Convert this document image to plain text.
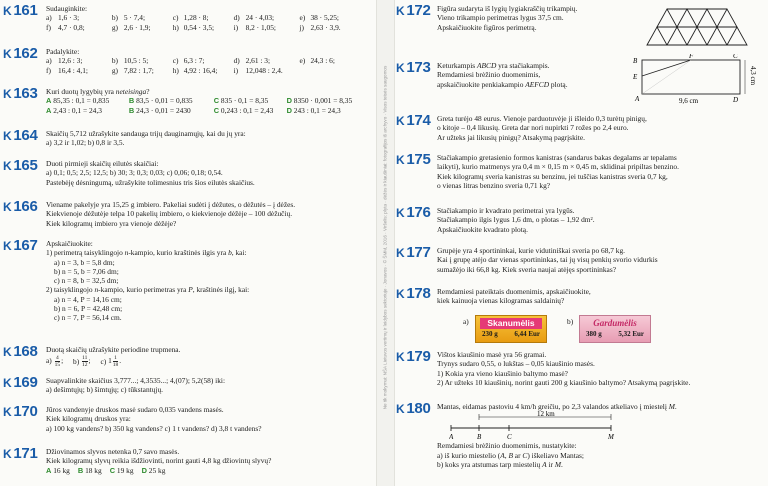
K 161 Sudauginkite:
a) 1,6 · 3;	b) 5 · 7,4;	c) 1,28 · 8;	d) 24 · 4,03;	e) 38 · 5,25;
f) 4,7 · 0,8;	g) 2,6 · 1,9;	h) 0,54 · 3,5;	i) 8,2 · 1,05;	j) 2,63 · 3,9.
K 162 Padalykite:
a) 12,6 : 3;	b) 10,5 : 5;	c) 6,3 : 7;	d) 2,61 : 3;	e) 24,3 : 6;
f) 16,4 : 4,1;	g) 7,82 : 1,7;	h) 4,92 : 16,4; i) 12,048 : 2,4.
K 163 Kuri duotų lygybių yra neteisinga?
A 85,35 : 0,1 = 0,835	B 83,5 · 0,01 = 0,835	C 835 · 0,1 = 8,35 D 8350 · 0,001 = 8,35
A 2,43 : 0,1 = 24,3	B 24,3 · 0,01 = 2430	C 0,243 : 0,1 = 2,43 D 243 : 0,1 = 24,3
K 164 Skaičių 5,712 užrašykite sandauga trijų dauginamųjų, kai du jų yra:
a) 3,2 ir 1,02; b) 0,8 ir 3,5.
K 165 Duoti pirmieji skaičių eilutės skaičiai:
a) 0,1; 0,5; 2,5; 12,5; b) 30; 3; 0,3; 0,03; c) 0,06; 0,18; 0,54.
Pastebėję dėsningumą, užrašykite tolimesnius tris šios eilutės skaičius.
K 166 Viename pakelyje yra 15,25 g imbiero. Pakeliai sudėti į dėžutes, o dėžutės – į dėžes.
Kiekvienoje dėžutėje telpa 10 pakelių imbiero, o kiekvienoje dėžėje – 100 dėžučių.
Kiek kilogramų imbiero yra vienoje dėžėje?
K 167 Apskaičiuokite:
1) perimetrą taisyklingojo n-kampio, kurio kraštinės ilgis yra b, kai:
a) n = 3, b = 5,8 dm;
b) n = 5, b = 7,06 dm;
c) n = 8, b = 32,5 dm;
2) taisyklingojo n-kampio, kurio perimetras yra P, kraštinės ilgį, kai:
a) n = 4, P = 14,16 cm;
b) n = 6, P = 42,48 cm;
c) n = 7, P = 56,14 cm.
K 168 Duotą skaičių užrašykite periodine trupmena.
$a) \frac{4}{15}$ ; $b) \frac{11}{12}$ ; c) $1 \frac{1}{18}$ .
K 169 Suapvalinkite skaičius 3,777...; 4,3535...; 4,(07); 5,2(58) iki:
a) dešimtųjų; b) šimtųjų; c) tūkstantųjų.
K 170 Jūros vandenyje druskos masė sudaro 0,035 vandens masės.
Kiek kilogramų druskos yra:
a) 100 kg vandens? b) 350 kg vandens? c) 1 t vandens? d) 3,8 t vandens?
K 171 Džiovinamos slyvos netenka 0,7 savo masės.
Kiek kilogramų slyvų reikia išdžiovinti, norint gauti 4,8 kg džiovintų slyvų?
A 16 kg B 18 kg C 19 kg D 25 kg
Ne tik mokymui: NŠA Lietuvos vertimų ir leidybos sektoriuje · Jonavos · © ŠMM, 2016 · Viršelis: plyta · dėžės ir kiaušiniai: fotografijos iš archyvo · Visos teisės saugomos
K 172 Figūra sudaryta iš lygių lygiakraščių trikampių.
Vieno trikampio perimetras lygus 37,5 cm.
Apskaičiuokite figūros perimetrą.
K 173 Keturkampis ABCD yra stačiakampis.
Remdamiesi brėžinio duomenimis,
apskaičiuokite penkiakampio AEFCD plotą.
B
E
A
F	C
D
9,6 cm
4,3 cm
K 174 Greta turėjo 48 eurus. Vienoje parduotuvėje ji išleido 0,3 turėtų pinigų,
o kitoje – 0,4 likusių. Greta dar nori nupirkti 7 rožes po 2,4 euro.
Ar užteks jai likusių pinigų? Atsakymą pagrįskite.
K 175 Stačiakampio gretasienio formos kanistras (sandarus bakas degalams ar tepalams
laikyti), kurio matmenys yra 0,4 m × 0,15 m × 0,45 m, sklidinai pripiltas benzino.
Kiek kilogramų sveria kanistras su benzinu, jei tuščias kanistras sveria 0,7 kg,
o vienas litras benzino sveria 0,71 kg?
K 176 Stačiakampio ir kvadrato perimetrai yra lygūs.
Stačiakampio ilgis lygus 1,6 dm, o plotas – 1,92 dm².
Apskaičiuokite kvadrato plotą.
K 177 Grupėje yra 4 sportininkai, kurie vidutiniškai sveria po 68,7 kg.
Kai į grupę atėjo dar vienas sportininkas, tai jų visų penkių svorio vidurkis
sumažėjo iki 66,8 kg. Kiek sveria naujai atėjęs sportininkas?
K 178 Remdamiesi pateiktais duomenimis, apskaičiuokite,
kiek kainuoja vienas kilogramas saldainių?
a)	Skanumėlis
230 g 6,44 Eur
b)	Gardumėlis
380 g 5,32 Eur
K 179 Vištos kiaušinio masė yra 56 gramai.
Trynys sudaro 0,55, o lukštas – 0,05 kiaušinio masės.
1) Kokia yra vieno kiaušinio baltymo masė?
2) Ar užteks 10 kiaušinių, norint gauti 200 g kiaušinio baltymo? Atsakymą pagrįskite.
K 180 Mantas, eidamas pastoviu 4 km/h greičiu, po 2,3 valandos atkeliavo į miestelį M.
12 km
A	B	C	M
Remdamiesi brėžinio duomenimis, nustatykite:
a) iš kurio miestelio (A, B ar C) iškeliavo Mantas;
b) koks yra atstumas tarp miestelių A ir M.
